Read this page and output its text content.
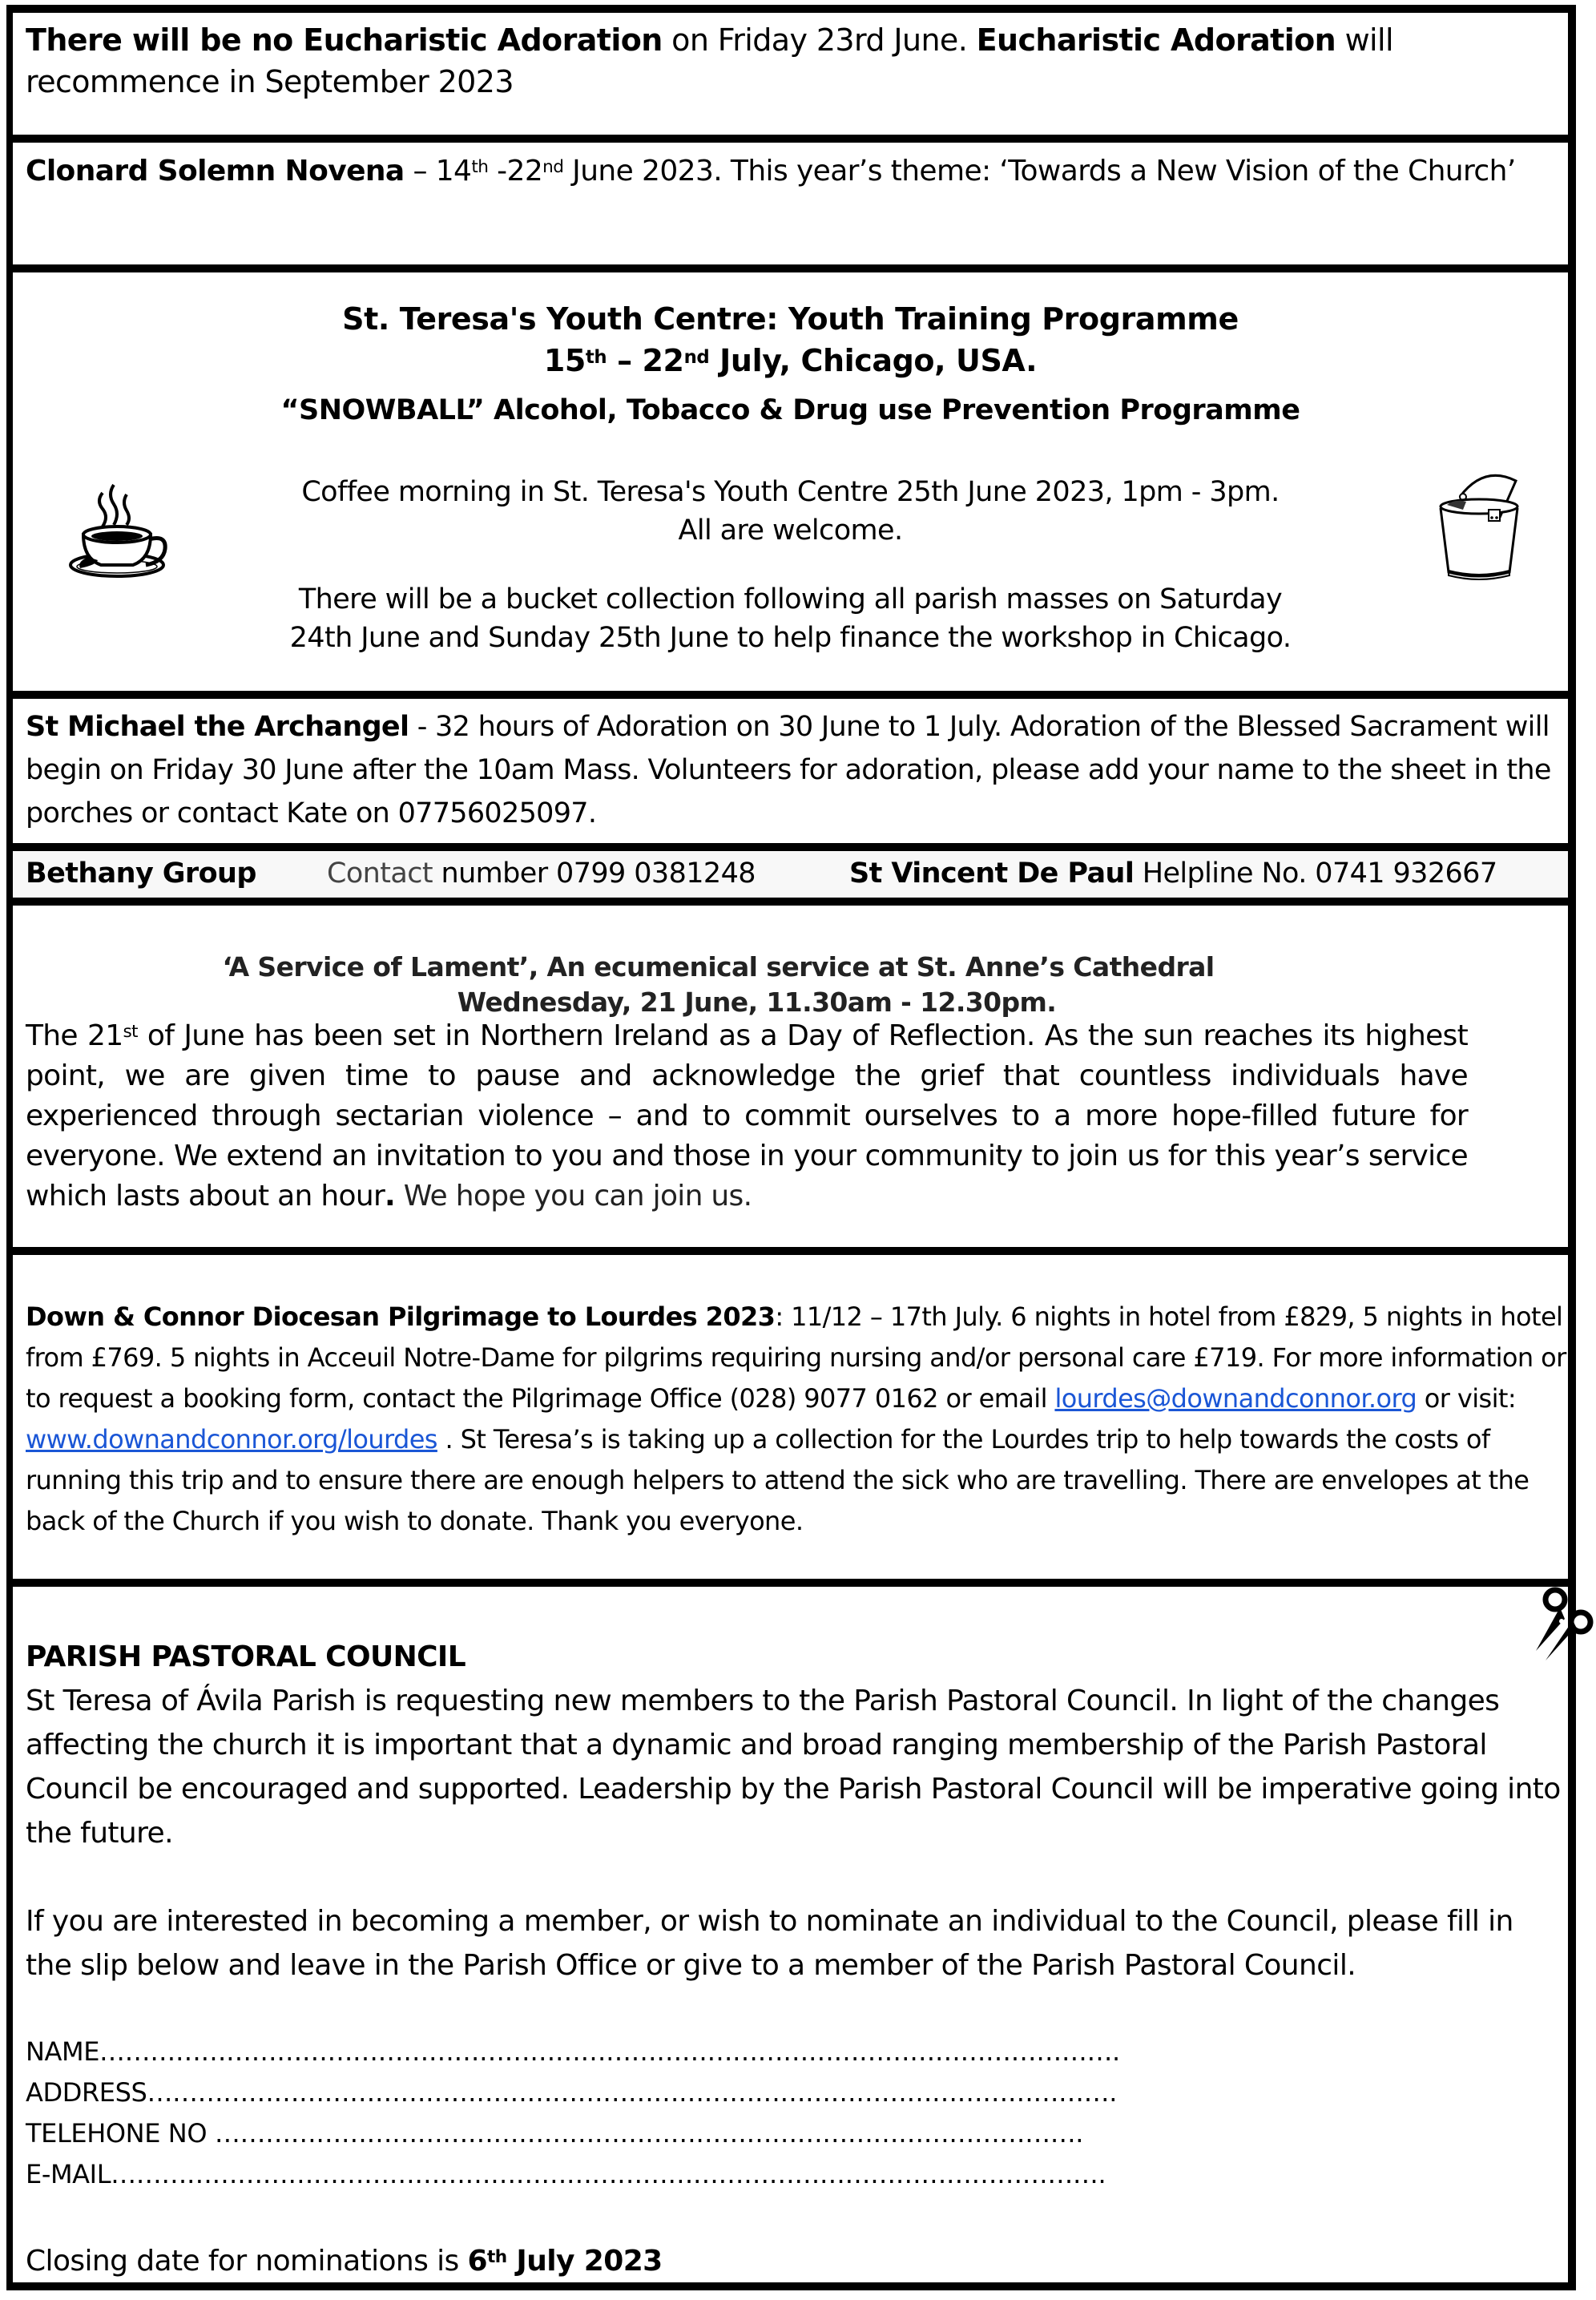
There will be no Eucharistic Adoration on Friday 23rd June. Eucharistic Adoration will recommence in September 2023
Clonard Solemn Novena – 14th -22nd June 2023. This year’s theme: ‘Towards a New Vision of the Church’
St. Teresa's Youth Centre: Youth Training Programme
15th – 22nd July, Chicago, USA.
“SNOWBALL” Alcohol, Tobacco & Drug use Prevention Programme
Coffee morning in St. Teresa's Youth Centre 25th June 2023, 1pm - 3pm.
All are welcome.
There will be a bucket collection following all parish masses on Saturday
24th June and Sunday 25th June to help finance the workshop in Chicago.
St Michael the Archangel - 32 hours of Adoration on 30 June to 1 July. Adoration of the Blessed Sacrament will begin on Friday 30 June after the 10am Mass. Volunteers for adoration, please add your name to the sheet in the porches or contact Kate on 07756025097.
Bethany Group	Contact number 0799 0381248	St Vincent De Paul Helpline No. 0741 932667
‘A Service of Lament’, An ecumenical service at St. Anne’s Cathedral
Wednesday, 21 June, 11.30am - 12.30pm.
The 21st of June has been set in Northern Ireland as a Day of Reflection. As the sun reaches its highest point, we are given time to pause and acknowledge the grief that countless individuals have experienced through sectarian violence – and to commit ourselves to a more hope-filled future for everyone. We extend an invitation to you and those in your community to join us for this year’s service which lasts about an hour. We hope you can join us.
Down & Connor Diocesan Pilgrimage to Lourdes 2023: 11/12 – 17th July. 6 nights in hotel from £829, 5 nights in hotel from £769. 5 nights in Acceuil Notre-Dame for pilgrims requiring nursing and/or personal care £719. For more information or to request a booking form, contact the Pilgrimage Office (028) 9077 0162 or email lourdes@downandconnor.org or visit: www.downandconnor.org/lourdes . St Teresa’s is taking up a collection for the Lourdes trip to help towards the costs of running this trip and to ensure there are enough helpers to attend the sick who are travelling. There are envelopes at the back of the Church if you wish to donate. Thank you everyone.
PARISH PASTORAL COUNCIL
St Teresa of Ávila Parish is requesting new members to the Parish Pastoral Council. In light of the changes affecting the church it is important that a dynamic and broad ranging membership of the Parish Pastoral Council be encouraged and supported. Leadership by the Parish Pastoral Council will be imperative going into the future.
If you are interested in becoming a member, or wish to nominate an individual to the Council, please fill in the slip below and leave in the Parish Office or give to a member of the Parish Pastoral Council.
NAME………………………………………………………………………………………………………….
ADDRESS…………………………………………………………………………………………………….
TELEHONE NO ………………………………………………………………………………………….
E-MAIL……………………………………………………………………………………………………….
Closing date for nominations is 6th July 2023
